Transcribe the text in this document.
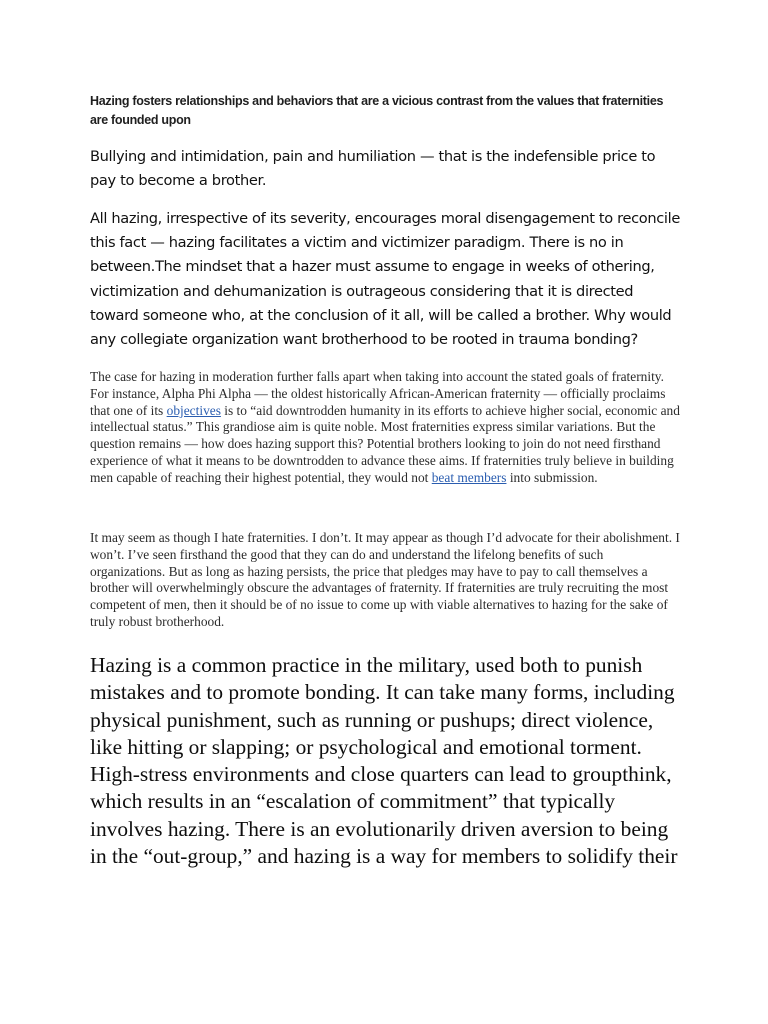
Hazing fosters relationships and behaviors that are a vicious contrast from the values that fraternities are founded upon

Bullying and intimidation, pain and humiliation — that is the indefensible price to pay to become a brother.

All hazing, irrespective of its severity, encourages moral disengagement to reconcile this fact — hazing facilitates a victim and victimizer paradigm. There is no in between.The mindset that a hazer must assume to engage in weeks of othering, victimization and dehumanization is outrageous considering that it is directed toward someone who, at the conclusion of it all, will be called a brother. Why would any collegiate organization want brotherhood to be rooted in trauma bonding?

The case for hazing in moderation further falls apart when taking into account the stated goals of fraternity. For instance, Alpha Phi Alpha — the oldest historically African-American fraternity — officially proclaims that one of its objectives is to “aid downtrodden humanity in its efforts to achieve higher social, economic and intellectual status.” This grandiose aim is quite noble. Most fraternities express similar variations. But the question remains — how does hazing support this? Potential brothers looking to join do not need firsthand experience of what it means to be downtrodden to advance these aims. If fraternities truly believe in building men capable of reaching their highest potential, they would not beat members into submission.

It may seem as though I hate fraternities. I don’t. It may appear as though I’d advocate for their abolishment. I won’t. I’ve seen firsthand the good that they can do and understand the lifelong benefits of such organizations. But as long as hazing persists, the price that pledges may have to pay to call themselves a brother will overwhelmingly obscure the advantages of fraternity. If fraternities are truly recruiting the most competent of men, then it should be of no issue to come up with viable alternatives to hazing for the sake of truly robust brotherhood.

Hazing is a common practice in the military, used both to punish mistakes and to promote bonding. It can take many forms, including physical punishment, such as running or pushups; direct violence, like hitting or slapping; or psychological and emotional torment. High-stress environments and close quarters can lead to groupthink, which results in an “escalation of commitment” that typically involves hazing. There is an evolutionarily driven aversion to being in the “out-group,” and hazing is a way for members to solidify their
